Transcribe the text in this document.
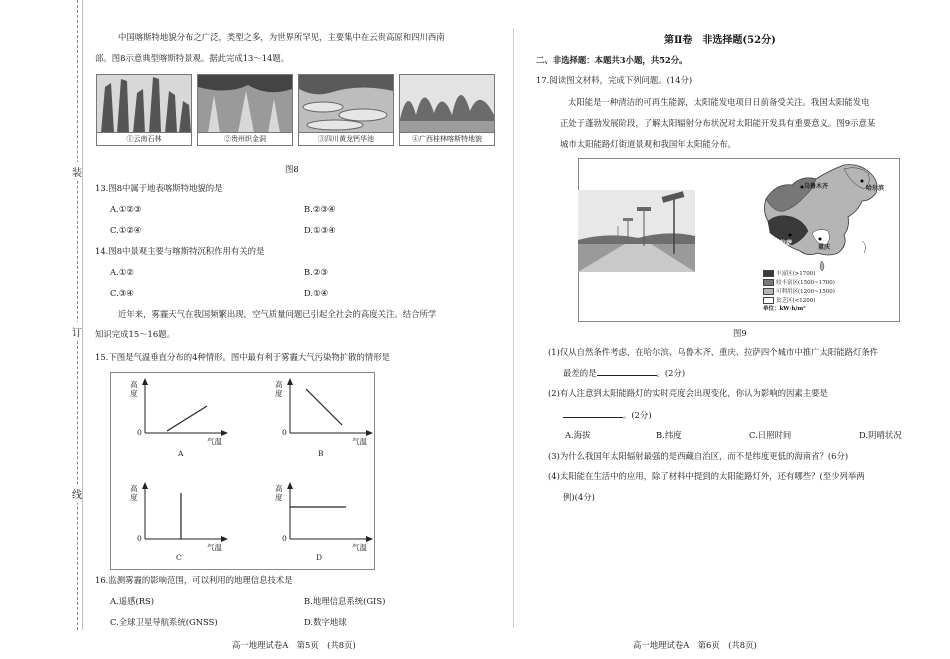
装
订
线
中国喀斯特地貌分布之广泛，类型之多，为世界所罕见，主要集中在云贵高原和四川西南
部。图8示意典型喀斯特景观。据此完成13～14题。
①云南石林	②贵州织金洞	③四川黄龙钙华池	④广西桂林喀斯特地貌
图8
13.图8中属于地表喀斯特地貌的是
A.①②③	B.②③④
C.①②④	D.①③④
14.图8中景观主要与喀斯特沉积作用有关的是
A.①②	B.②③
C.③④	D.①④
近年来，雾霾天气在我国频繁出现，空气质量问题已引起全社会的高度关注。结合所学
知识完成15～16题。
15.下图是气温垂直分布的4种情形。图中最有利于雾霾大气污染物扩散的情形是
高
度
0
气温
A
高
度
0
气温
B
高
度
0
气温
C
高
度
0
气温
D
16.监测雾霾的影响范围，可以利用的地理信息技术是
A.遥感(RS)	B.地理信息系统(GIS)
C.全球卫星导航系统(GNSS)	D.数字地球
高一地理试卷A　第5页　(共8页)
第Ⅱ卷　非选择题(52分)
二、非选择题：本题共3小题，共52分。
17.阅读图文材料，完成下列问题。(14分)
太阳能是一种清洁的可再生能源，太阳能发电项目日前备受关注。我国太阳能发电
正处于蓬勃发展阶段，了解太阳辐射分布状况对太阳能开发具有重要意义。图9示意某
城市太阳能路灯街道景观和我国年太阳能分布。
乌鲁木齐	哈尔滨
拉萨
重庆
丰富区(>1700)
较丰富区(1500~1700)
可利用区(1200~1500)
贫乏区(<1200)
单位：kW·h/m²
图9
(1)仅从自然条件考虑，在哈尔滨、乌鲁木齐、重庆、拉萨四个城市中推广太阳能路灯条件
最差的是	。(2分)
(2)有人注意到太阳能路灯的实时亮度会出现变化，你认为影响的因素主要是
。(2分)
A.海拔	B.纬度	C.日照时间	D.阴晴状况
(3)为什么我国年太阳辐射最强的是西藏自治区，而不是纬度更低的海南省？(6分)
(4)太阳能在生活中的应用，除了材料中提到的太阳能路灯外，还有哪些？(至少列举两
例)(4分)
高一地理试卷A　第6页　(共8页)
